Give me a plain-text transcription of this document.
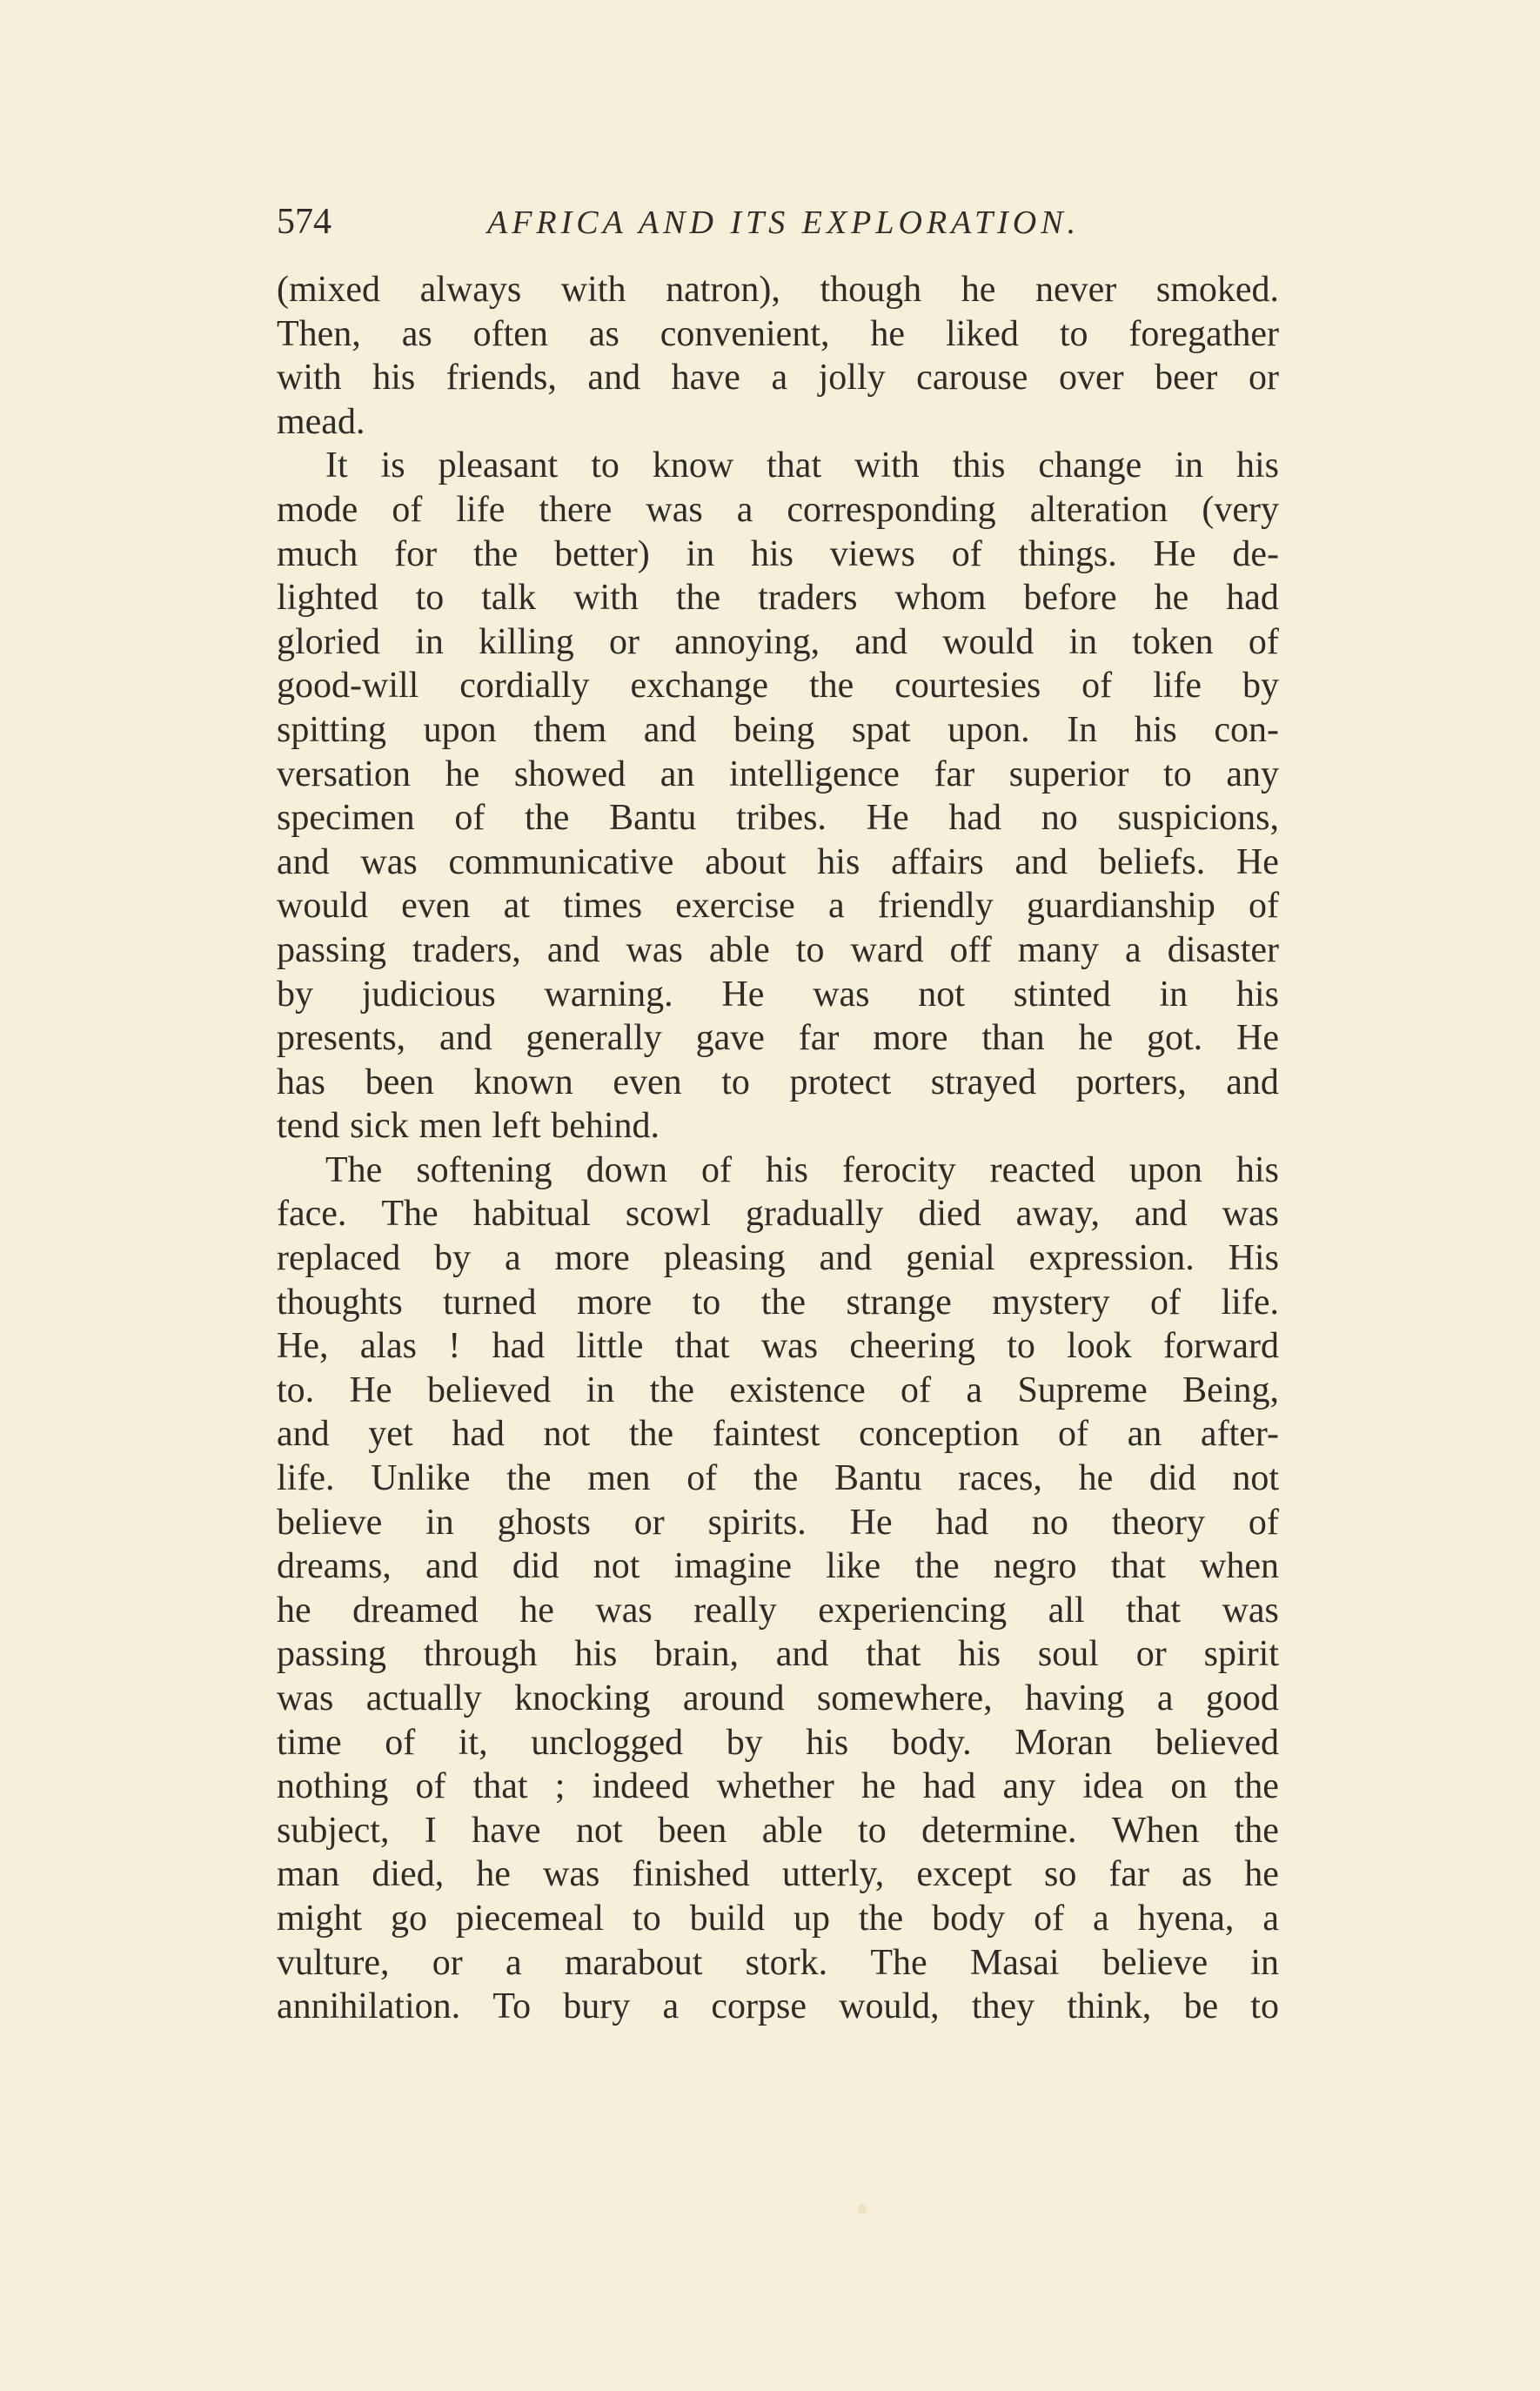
574	AFRICA AND ITS EXPLORATION.
(mixed always with natron), though he never smoked.
Then, as often as convenient, he liked to foregather
with his friends, and have a jolly carouse over beer or
mead.
It is pleasant to know that with this change in his
mode of life there was a corresponding alteration (very
much for the better) in his views of things. He de-
lighted to talk with the traders whom before he had
gloried in killing or annoying, and would in token of
good-will cordially exchange the courtesies of life by
spitting upon them and being spat upon. In his con-
versation he showed an intelligence far superior to any
specimen of the Bantu tribes. He had no suspicions,
and was communicative about his affairs and beliefs. He
would even at times exercise a friendly guardianship of
passing traders, and was able to ward off many a disaster
by judicious warning. He was not stinted in his
presents, and generally gave far more than he got. He
has been known even to protect strayed porters, and
tend sick men left behind.
The softening down of his ferocity reacted upon his
face. The habitual scowl gradually died away, and was
replaced by a more pleasing and genial expression. His
thoughts turned more to the strange mystery of life.
He, alas ! had little that was cheering to look forward
to. He believed in the existence of a Supreme Being,
and yet had not the faintest conception of an after-
life. Unlike the men of the Bantu races, he did not
believe in ghosts or spirits. He had no theory of
dreams, and did not imagine like the negro that when
he dreamed he was really experiencing all that was
passing through his brain, and that his soul or spirit
was actually knocking around somewhere, having a good
time of it, unclogged by his body. Moran believed
nothing of that ; indeed whether he had any idea on the
subject, I have not been able to determine. When the
man died, he was finished utterly, except so far as he
might go piecemeal to build up the body of a hyena, a
vulture, or a marabout stork. The Masai believe in
annihilation. To bury a corpse would, they think, be to
